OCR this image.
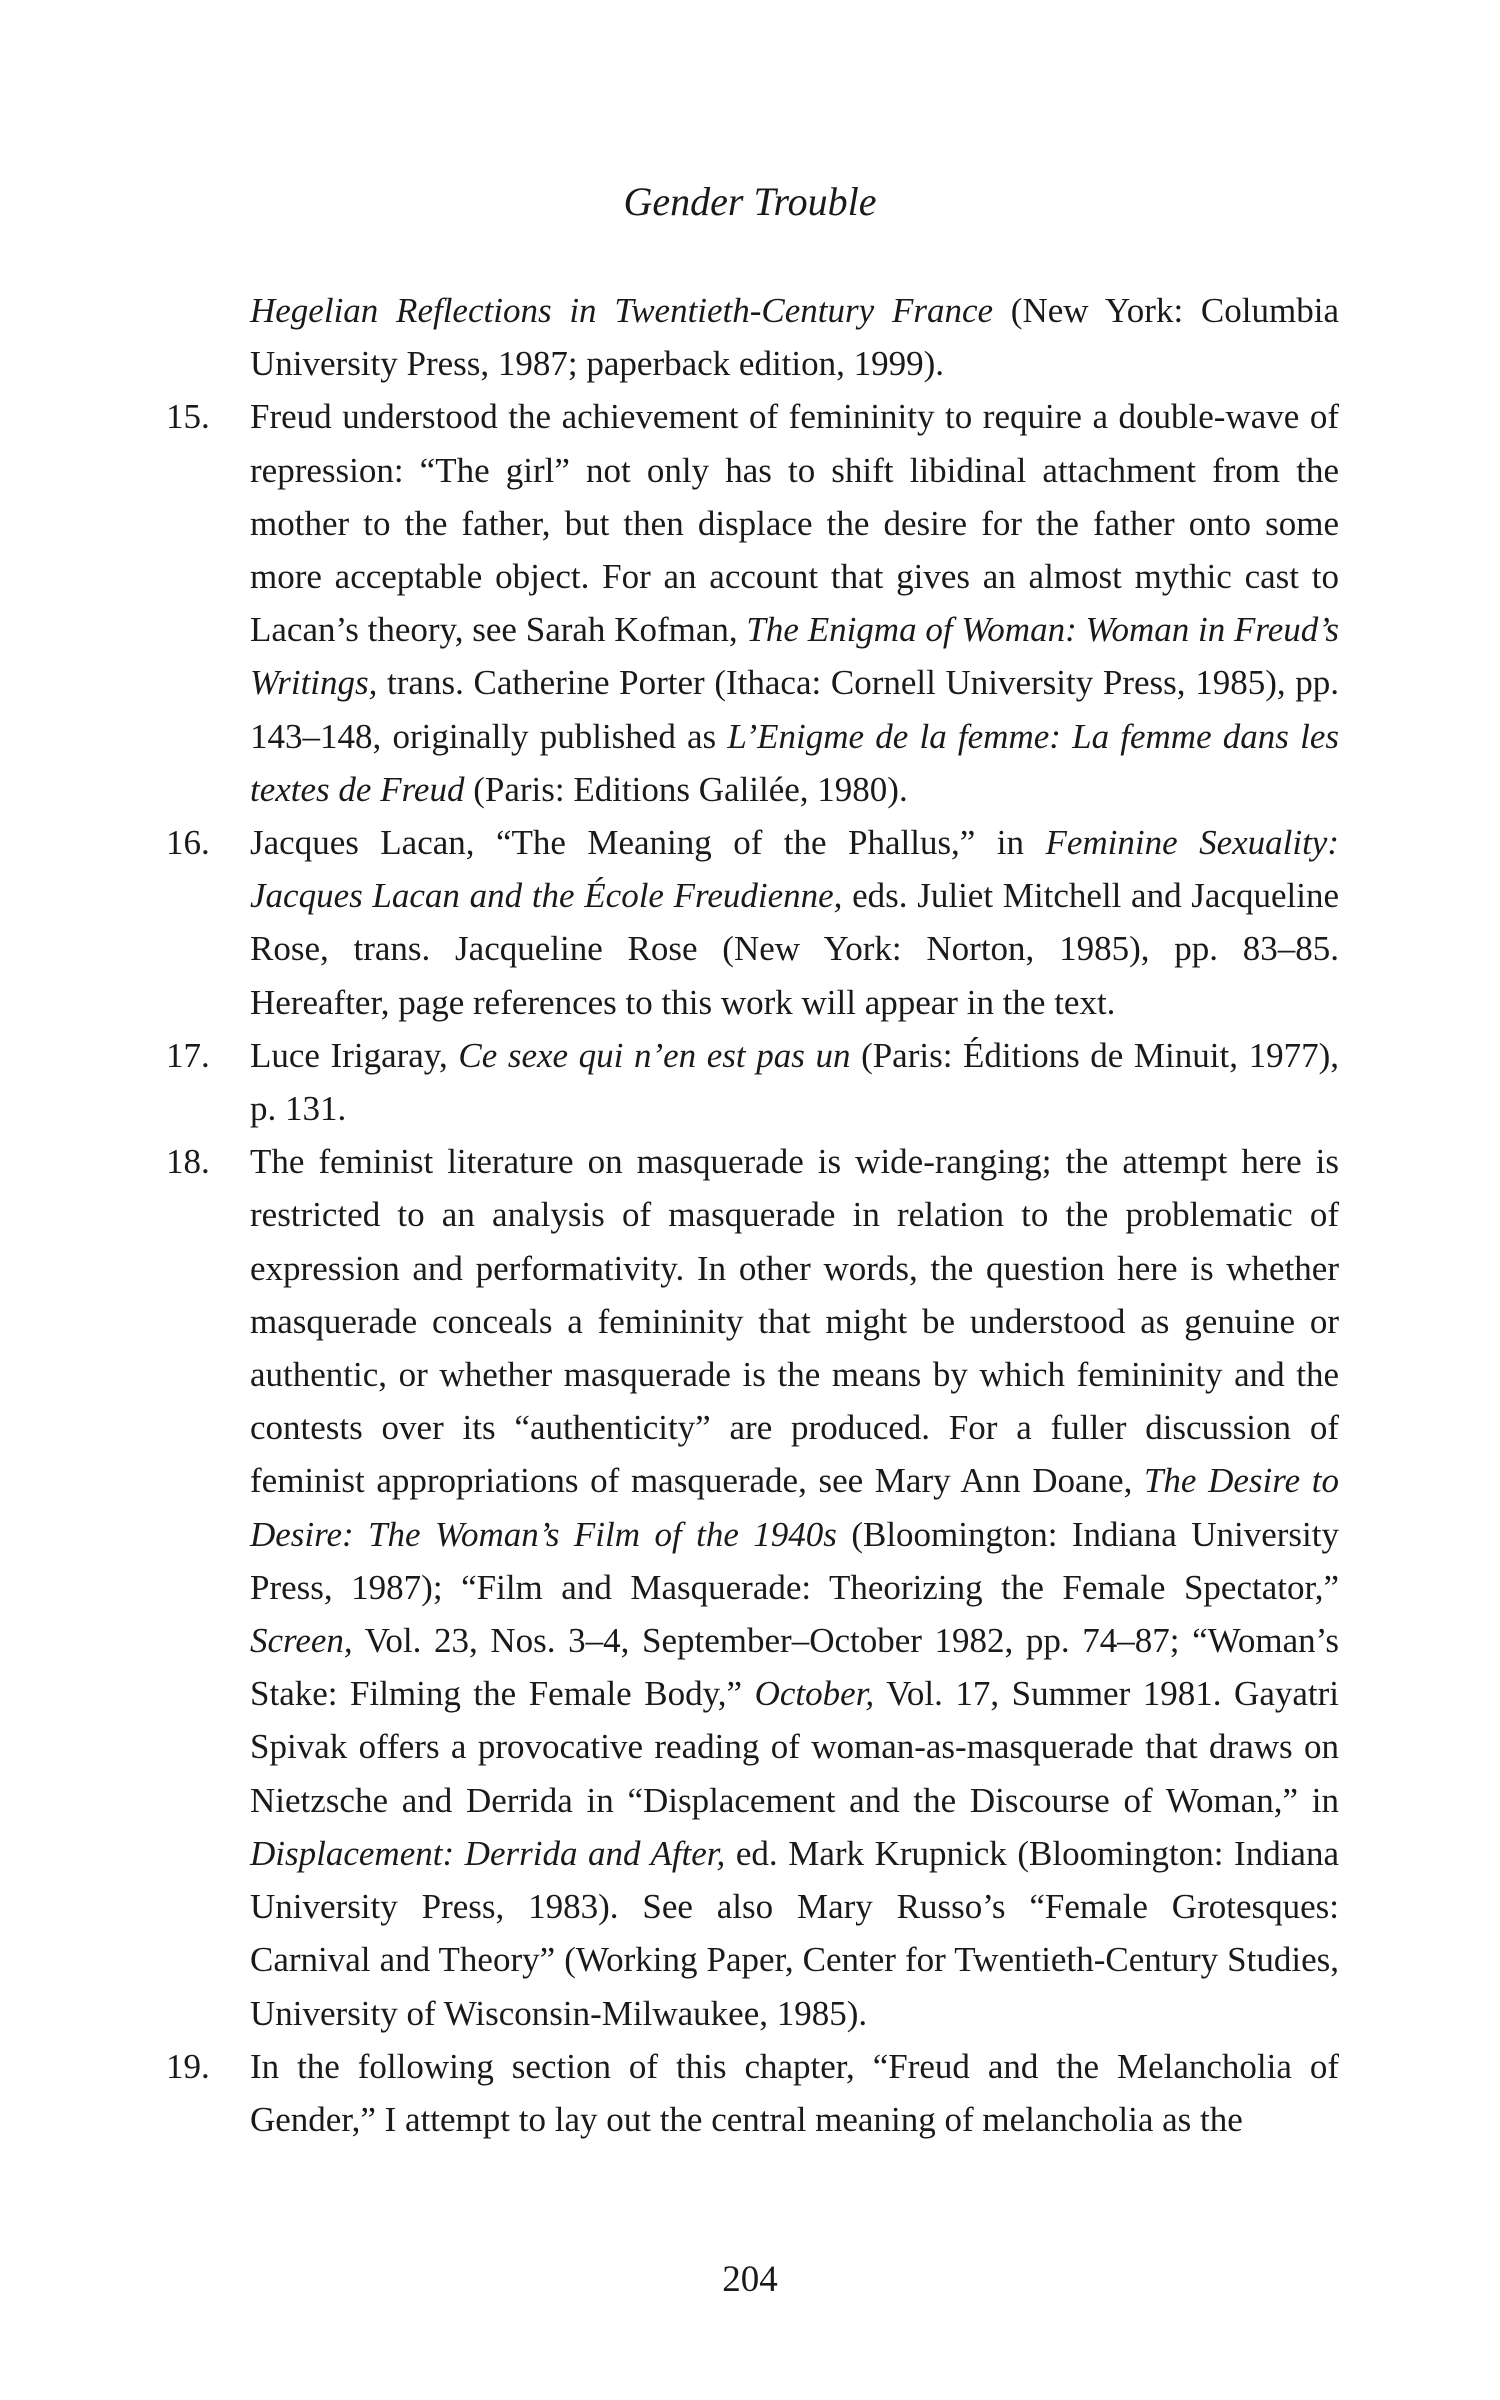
Gender Trouble

Hegelian Reflections in Twentieth-Century France (New York: Columbia University Press, 1987; paperback edition, 1999).

15. Freud understood the achievement of femininity to require a double-wave of repression: “The girl” not only has to shift libidinal attachment from the mother to the father, but then displace the desire for the father onto some more acceptable object. For an account that gives an almost mythic cast to Lacan’s theory, see Sarah Kofman, The Enigma of Woman: Woman in Freud’s Writings, trans. Catherine Porter (Ithaca: Cornell University Press, 1985), pp. 143–148, originally published as L’Enigme de la femme: La femme dans les textes de Freud (Paris: Editions Galilée, 1980).

16. Jacques Lacan, “The Meaning of the Phallus,” in Feminine Sexuality: Jacques Lacan and the École Freudienne, eds. Juliet Mitchell and Jacqueline Rose, trans. Jacqueline Rose (New York: Norton, 1985), pp. 83–85. Hereafter, page references to this work will appear in the text.

17. Luce Irigaray, Ce sexe qui n’en est pas un (Paris: Éditions de Minuit, 1977), p. 131.

18. The feminist literature on masquerade is wide-ranging; the attempt here is restricted to an analysis of masquerade in relation to the problematic of expression and performativity. In other words, the question here is whether masquerade conceals a femininity that might be understood as genuine or authentic, or whether masquerade is the means by which femininity and the contests over its “authenticity” are produced. For a fuller discussion of feminist appropriations of masquerade, see Mary Ann Doane, The Desire to Desire: The Woman’s Film of the 1940s (Bloomington: Indiana University Press, 1987); “Film and Masquerade: Theorizing the Female Spectator,” Screen, Vol. 23, Nos. 3–4, September–October 1982, pp. 74–87; “Woman’s Stake: Filming the Female Body,” October, Vol. 17, Summer 1981. Gayatri Spivak offers a provocative reading of woman-as-masquerade that draws on Nietzsche and Derrida in “Displacement and the Discourse of Woman,” in Displacement: Derrida and After, ed. Mark Krupnick (Bloomington: Indiana University Press, 1983). See also Mary Russo’s “Female Grotesques: Carnival and Theory” (Working Paper, Center for Twentieth-Century Studies, University of Wisconsin-Milwaukee, 1985).

19. In the following section of this chapter, “Freud and the Melancholia of Gender,” I attempt to lay out the central meaning of melancholia as the

204
